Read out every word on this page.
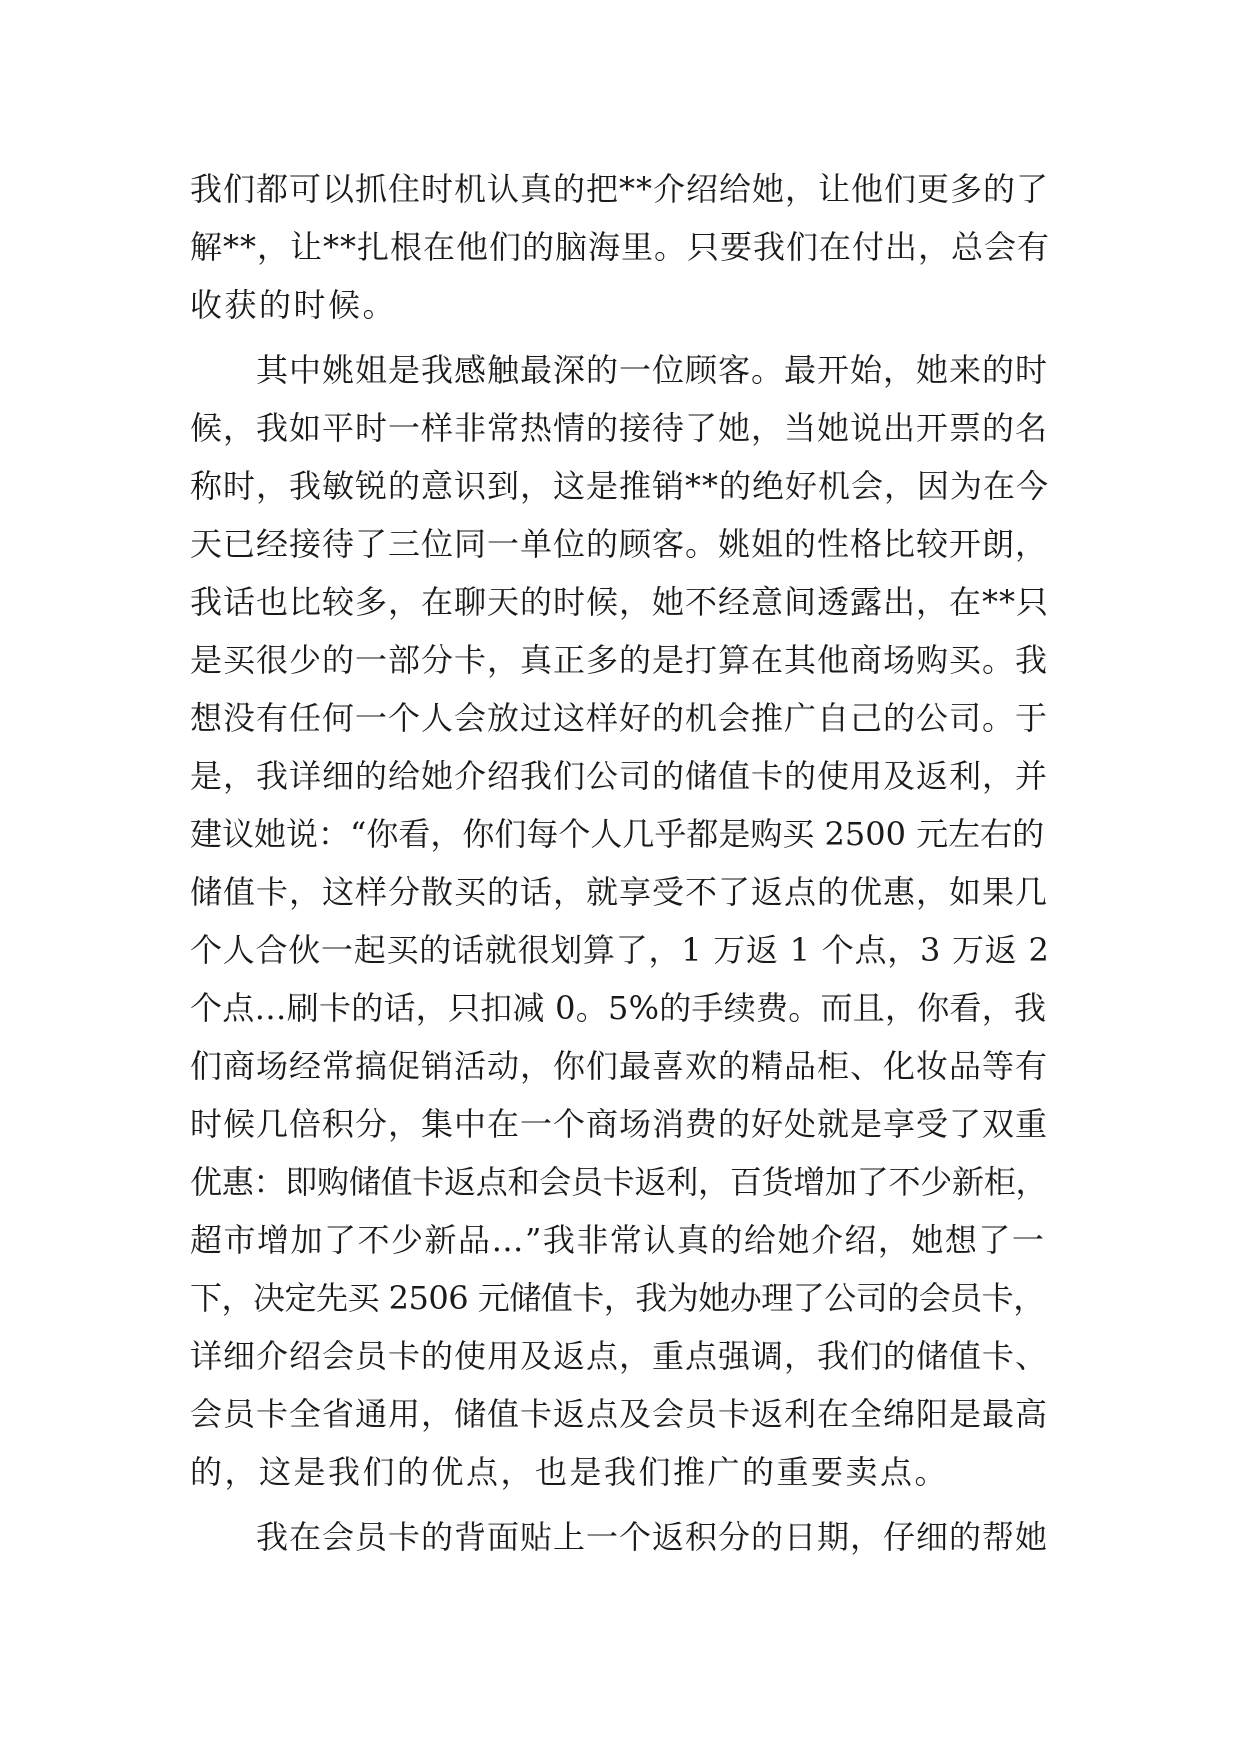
我们都可以抓住时机认真的把**介绍给她，让他们更多的了
解**，让**扎根在他们的脑海里。只要我们在付出，总会有
收获的时候。
其中姚姐是我感触最深的一位顾客。最开始，她来的时
候，我如平时一样非常热情的接待了她，当她说出开票的名
称时，我敏锐的意识到，这是推销**的绝好机会，因为在今
天已经接待了三位同一单位的顾客。姚姐的性格比较开朗，
我话也比较多，在聊天的时候，她不经意间透露出，在**只
是买很少的一部分卡，真正多的是打算在其他商场购买。我
想没有任何一个人会放过这样好的机会推广自己的公司。于
是，我详细的给她介绍我们公司的储值卡的使用及返利，并
建议她说：“你看，你们每个人几乎都是购买 2500 元左右的
储值卡，这样分散买的话，就享受不了返点的优惠，如果几
个人合伙一起买的话就很划算了，1 万返 1 个点，3 万返 2
个点…刷卡的话，只扣减 0。5%的手续费。而且，你看，我
们商场经常搞促销活动，你们最喜欢的精品柜、化妆品等有
时候几倍积分，集中在一个商场消费的好处就是享受了双重
优惠：即购储值卡返点和会员卡返利，百货增加了不少新柜，
超市增加了不少新品…”我非常认真的给她介绍，她想了一
下，决定先买 2506 元储值卡，我为她办理了公司的会员卡，
详细介绍会员卡的使用及返点，重点强调，我们的储值卡、
会员卡全省通用，储值卡返点及会员卡返利在全绵阳是最高
的，这是我们的优点，也是我们推广的重要卖点。
我在会员卡的背面贴上一个返积分的日期，仔细的帮她
